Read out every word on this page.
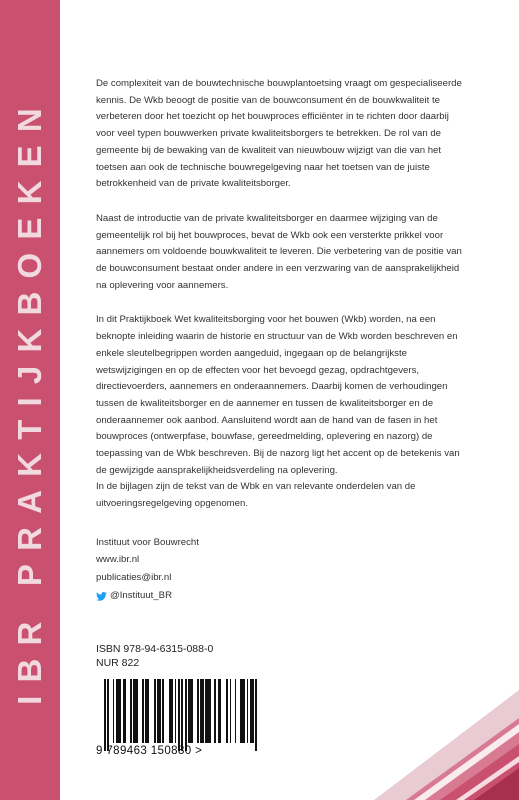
IBR PRAKTIJKBOEKEN

De complexiteit van de bouwtechnische bouwplantoetsing vraagt om gespecialiseerde kennis. De Wkb beoogt de positie van de bouwconsument én de bouwkwaliteit te verbeteren door het toezicht op het bouwproces efficiënter in te richten door daarbij voor veel typen bouwwerken private kwaliteitsborgers te betrekken. De rol van de gemeente bij de bewaking van de kwaliteit van nieuwbouw wijzigt van die van het toetsen aan ook de technische bouwregelgeving naar het toetsen van de juiste betrokkenheid van de private kwaliteitsborger.

Naast de introductie van de private kwaliteitsborger en daarmee wijziging van de gemeentelijk rol bij het bouwproces, bevat de Wkb ook een versterkte prikkel voor aannemers om voldoende bouwkwaliteit te leveren. Die verbetering van de positie van de bouwconsument bestaat onder andere in een verzwaring van de aansprakelijkheid na oplevering voor aannemers.

In dit Praktijkboek Wet kwaliteitsborging voor het bouwen (Wkb) worden, na een beknopte inleiding waarin de historie en structuur van de Wkb worden beschreven en enkele sleutelbegrippen worden aangeduid, ingegaan op de belangrijkste wetswijzigingen en op de effecten voor het bevoegd gezag, opdrachtgevers, directievoerders, aannemers en onderaannemers. Daarbij komen de verhoudingen tussen de kwaliteitsborger en de aannemer en tussen de kwaliteitsborger en de onderaannemer ook aanbod. Aansluitend wordt aan de hand van de fasen in het bouwproces (ontwerpfase, bouwfase, gereedmelding, oplevering en nazorg) de toepassing van de Wbk beschreven. Bij de nazorg ligt het accent op de betekenis van de gewijzigde aansprakelijkheidsverdeling na oplevering.

In de bijlagen zijn de tekst van de Wbk en van relevante onderdelen van de uitvoeringsregelgeving opgenomen.

Instituut voor Bouwrecht
www.ibr.nl
publicaties@ibr.nl
@Instituut_BR
ISBN 978-94-6315-088-0
NUR 822
9 789463 150880 >
